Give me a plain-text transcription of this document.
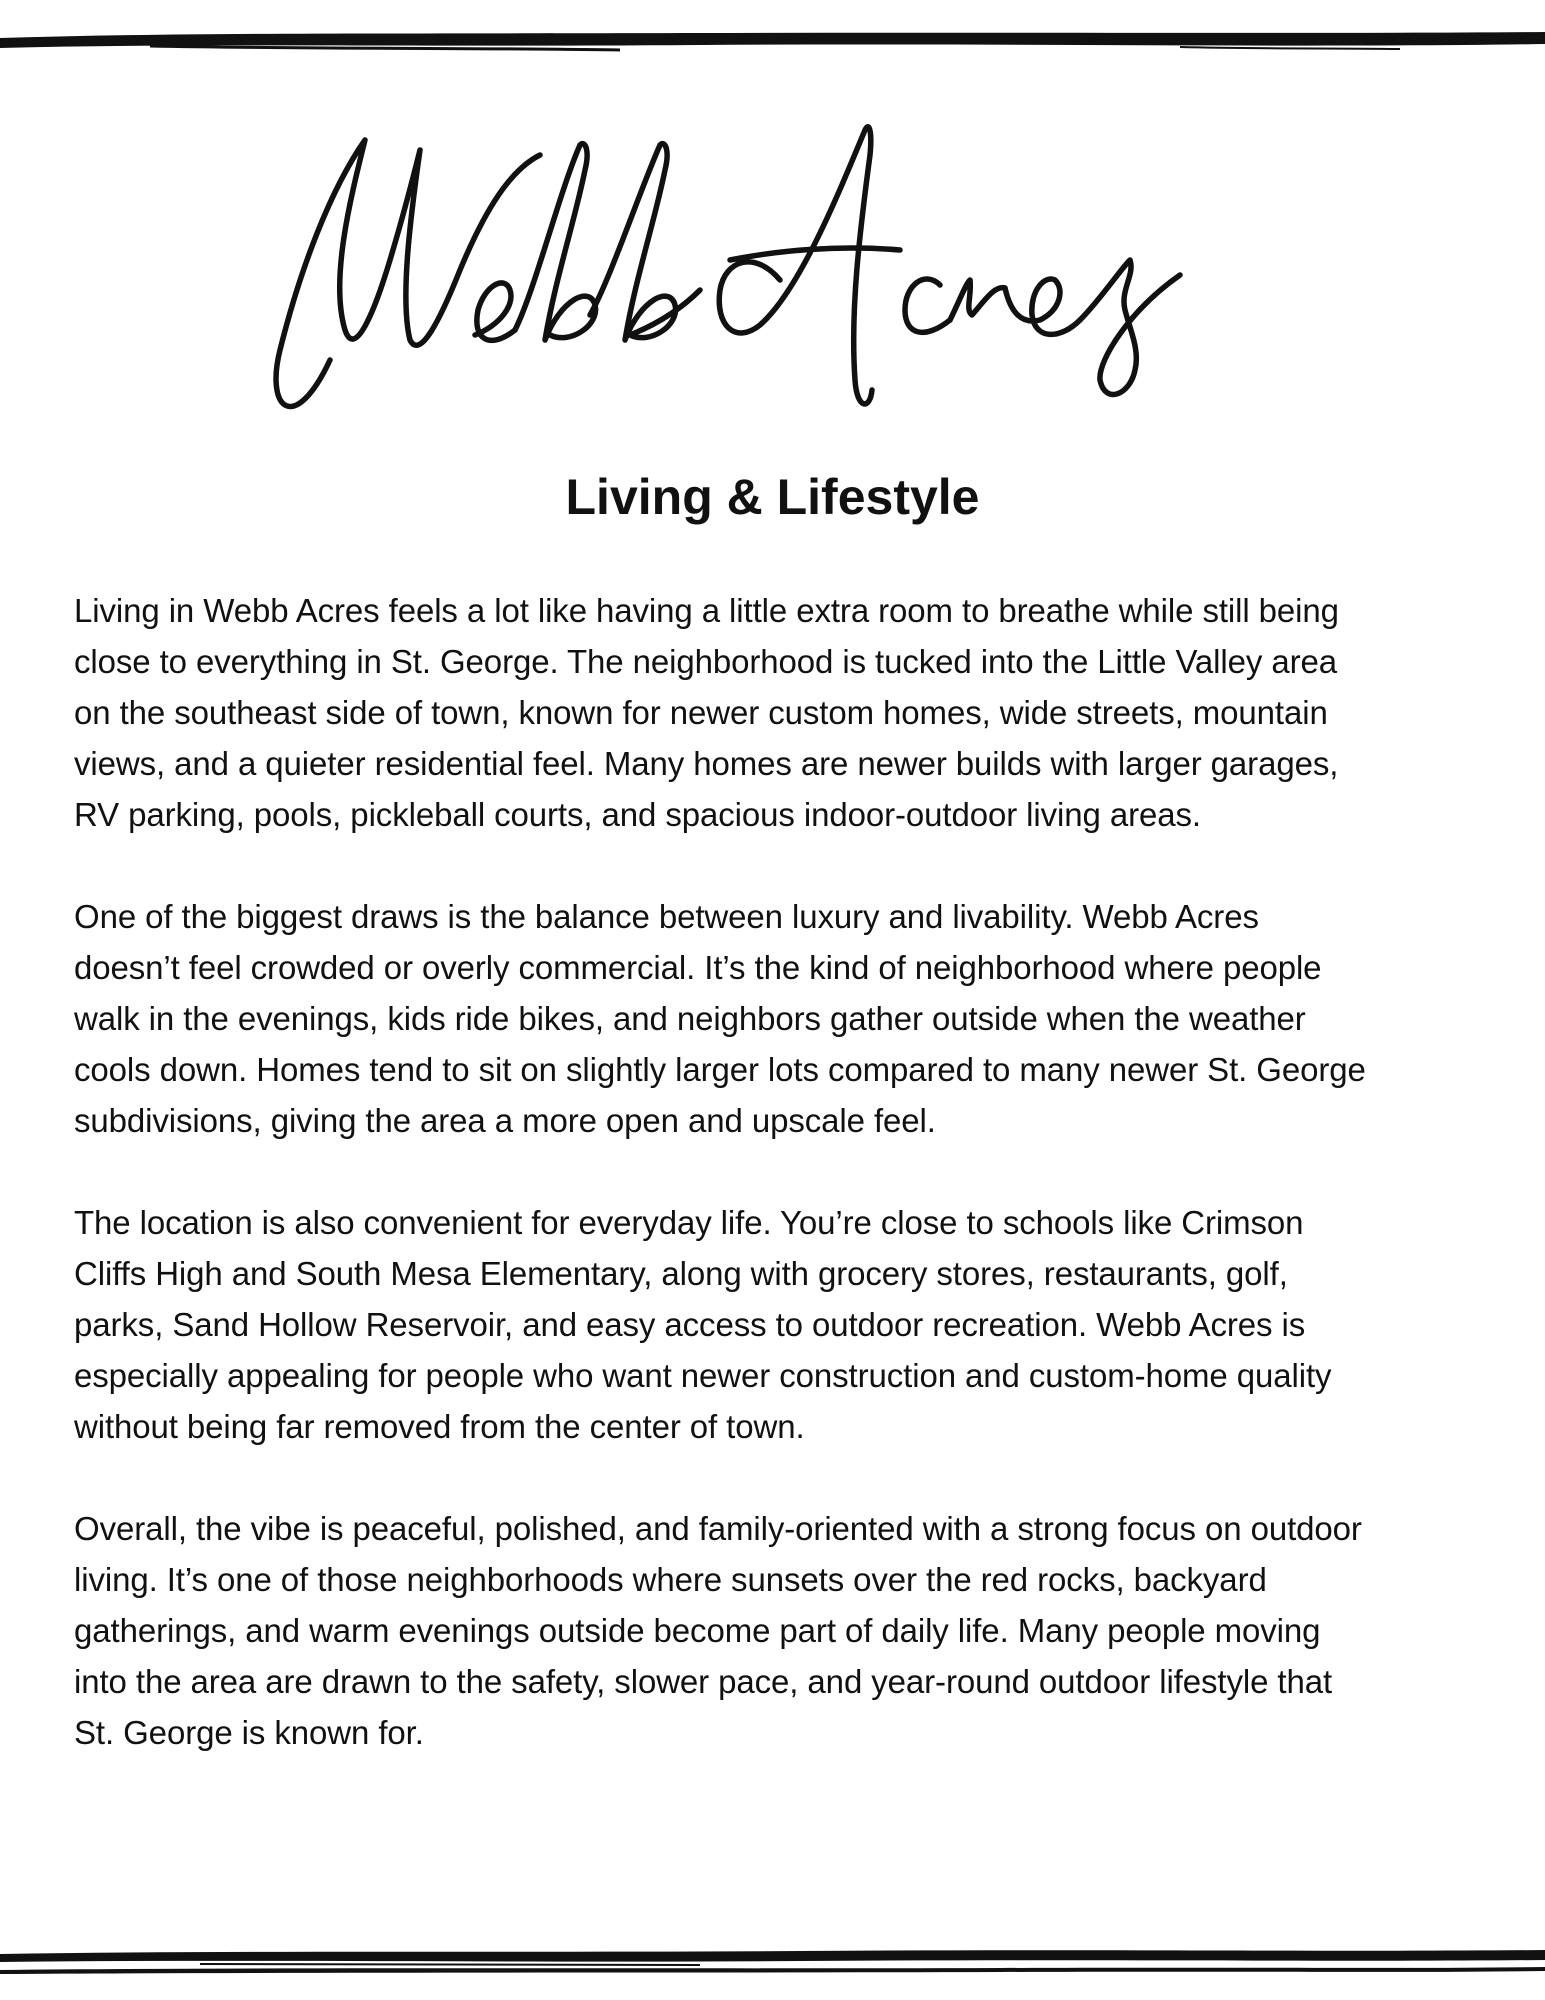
Living & Lifestyle

Living in Webb Acres feels a lot like having a little extra room to breathe while still being
close to everything in St. George. The neighborhood is tucked into the Little Valley area
on the southeast side of town, known for newer custom homes, wide streets, mountain
views, and a quieter residential feel. Many homes are newer builds with larger garages,
RV parking, pools, pickleball courts, and spacious indoor-outdoor living areas.

One of the biggest draws is the balance between luxury and livability. Webb Acres
doesn’t feel crowded or overly commercial. It’s the kind of neighborhood where people
walk in the evenings, kids ride bikes, and neighbors gather outside when the weather
cools down. Homes tend to sit on slightly larger lots compared to many newer St. George
subdivisions, giving the area a more open and upscale feel.

The location is also convenient for everyday life. You’re close to schools like Crimson
Cliffs High and South Mesa Elementary, along with grocery stores, restaurants, golf,
parks, Sand Hollow Reservoir, and easy access to outdoor recreation. Webb Acres is
especially appealing for people who want newer construction and custom-home quality
without being far removed from the center of town.

Overall, the vibe is peaceful, polished, and family-oriented with a strong focus on outdoor
living. It’s one of those neighborhoods where sunsets over the red rocks, backyard
gatherings, and warm evenings outside become part of daily life. Many people moving
into the area are drawn to the safety, slower pace, and year-round outdoor lifestyle that
St. George is known for.
